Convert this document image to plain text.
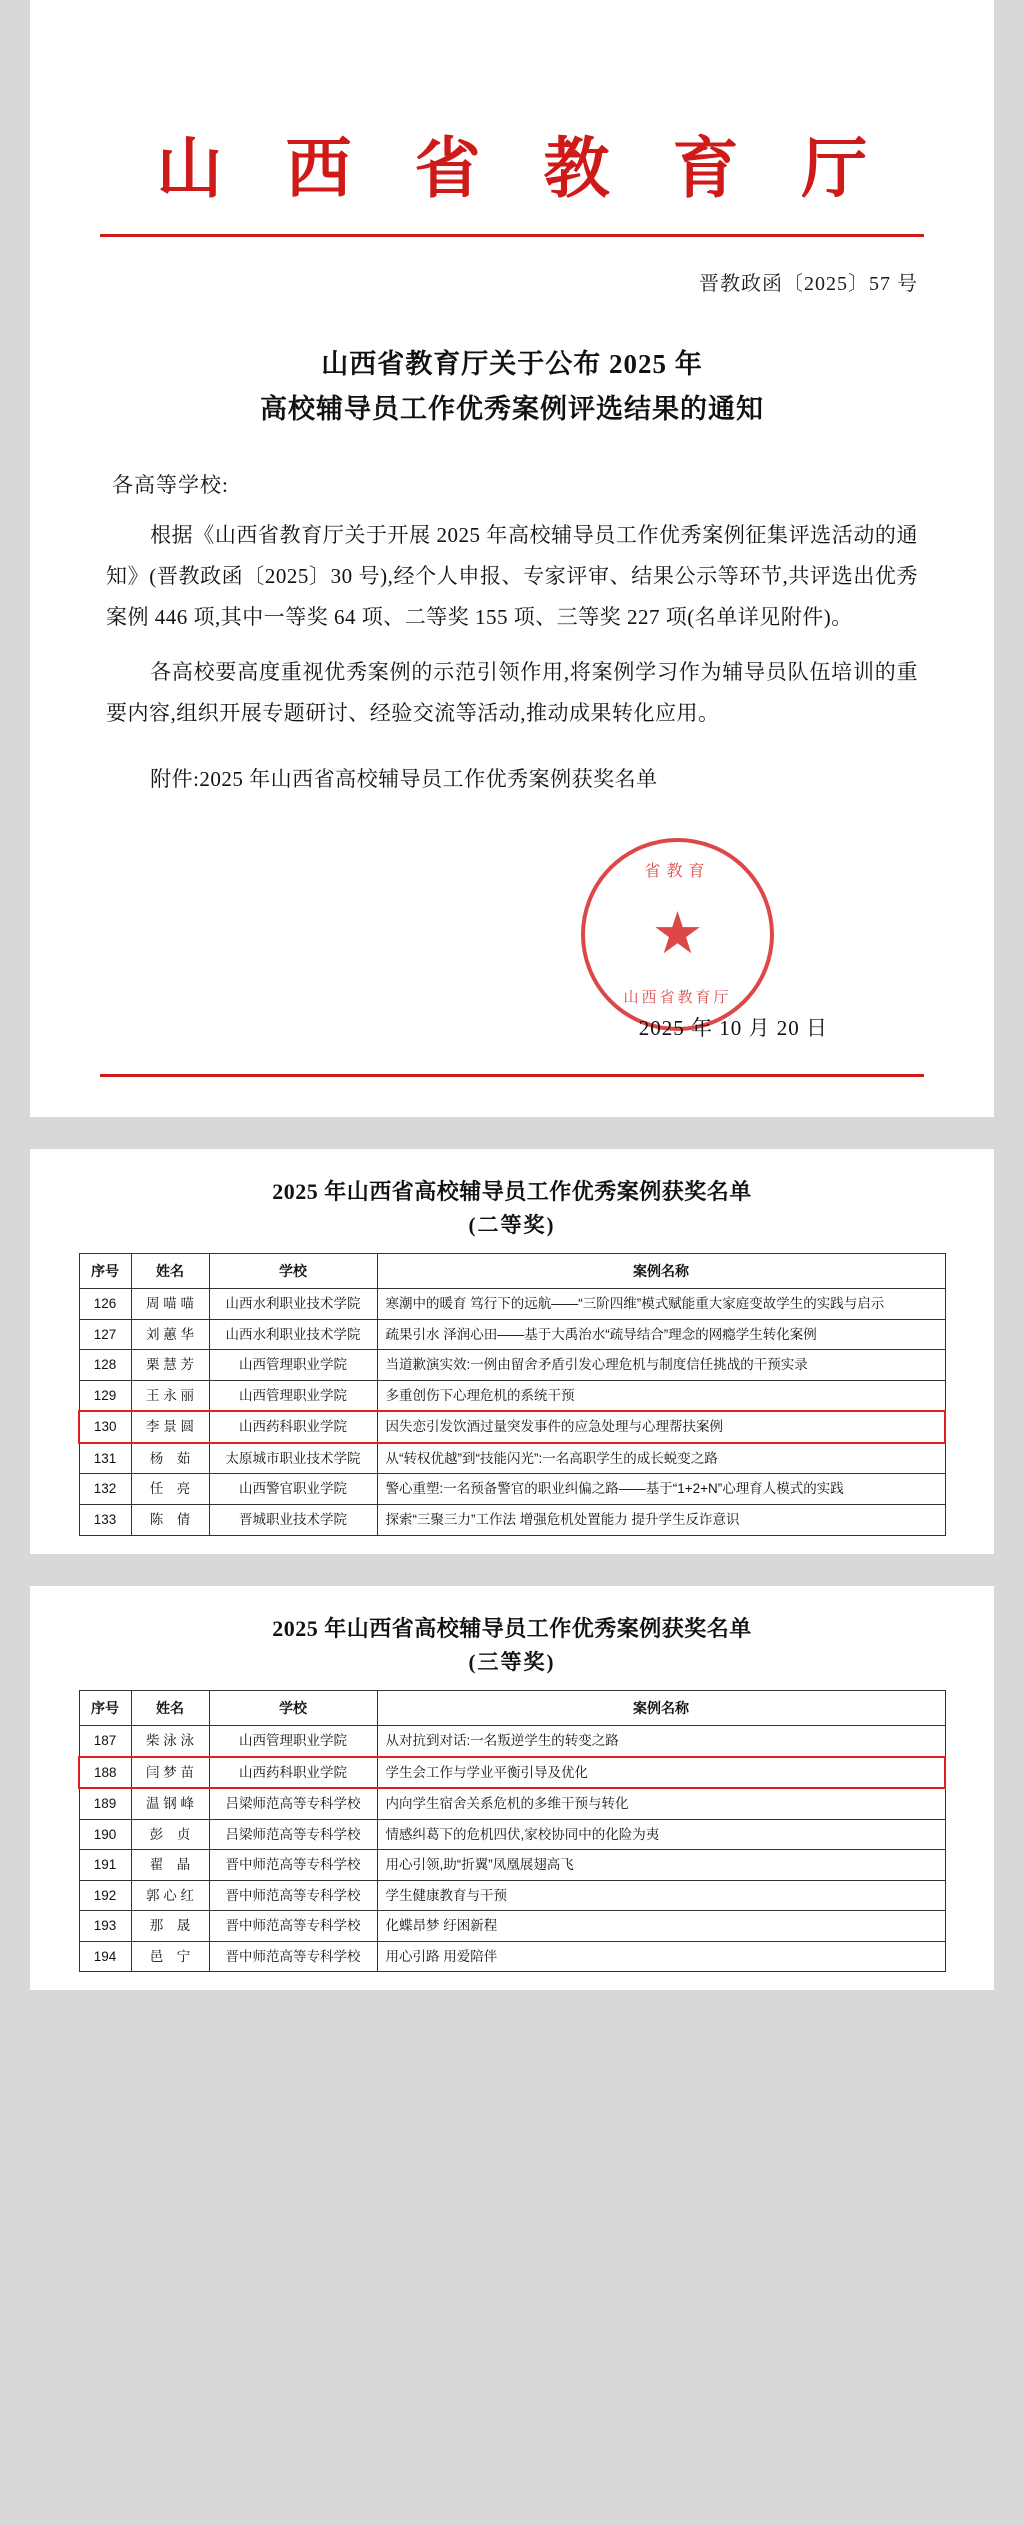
山 西 省 教 育 厅
晋教政函〔2025〕57 号
山西省教育厅关于公布 2025 年
高校辅导员工作优秀案例评选结果的通知
各高等学校:

根据《山西省教育厅关于开展 2025 年高校辅导员工作优秀案例征集评选活动的通知》(晋教政函〔2025〕30 号),经个人申报、专家评审、结果公示等环节,共评选出优秀案例 446 项,其中一等奖 64 项、二等奖 155 项、三等奖 227 项(名单详见附件)。

各高校要高度重视优秀案例的示范引领作用,将案例学习作为辅导员队伍培训的重要内容,组织开展专题研讨、经验交流等活动,推动成果转化应用。

附件:2025 年山西省高校辅导员工作优秀案例获奖名单
省教育
★
山西省教育厅
2025 年 10 月 20 日
2025 年山西省高校辅导员工作优秀案例获奖名单
(二等奖)
序号	姓名	学校	案例名称
126	周 喵 喵	山西水利职业技术学院	寒潮中的暖育 笃行下的远航——“三阶四维”模式赋能重大家庭变故学生的实践与启示
127	刘 蕙 华	山西水利职业技术学院	疏果引水 泽润心田——基于大禹治水“疏导结合”理念的网瘾学生转化案例
128	栗 慧 芳	山西管理职业学院	当道歉演实效:一例由留舍矛盾引发心理危机与制度信任挑战的干预实录
129	王 永 丽	山西管理职业学院	多重创伤下心理危机的系统干预
130	李 景 圆	山西药科职业学院	因失恋引发饮酒过量突发事件的应急处理与心理帮扶案例
131	杨　茹	太原城市职业技术学院	从“转权优越”到“技能闪光”:一名高职学生的成长蜕变之路
132	任　亮	山西警官职业学院	警心重塑:一名预备警官的职业纠偏之路——基于“1+2+N”心理育人模式的实践
133	陈　倩	晋城职业技术学院	探索“三聚三力”工作法 增强危机处置能力 提升学生反诈意识
2025 年山西省高校辅导员工作优秀案例获奖名单
(三等奖)
序号	姓名	学校	案例名称
187	柴 泳 泳	山西管理职业学院	从对抗到对话:一名叛逆学生的转变之路
188	闫 梦 苗	山西药科职业学院	学生会工作与学业平衡引导及优化
189	温 钢 峰	吕梁师范高等专科学校	内向学生宿舍关系危机的多维干预与转化
190	彭　贞	吕梁师范高等专科学校	情感纠葛下的危机四伏,家校协同中的化险为夷
191	翟　晶	晋中师范高等专科学校	用心引领,助“折翼”凤凰展翅高飞
192	郭 心 红	晋中师范高等专科学校	学生健康教育与干预
193	那　晟	晋中师范高等专科学校	化蝶昂梦 纡困新程
194	邑　宁	晋中师范高等专科学校	用心引路 用爱陪伴
